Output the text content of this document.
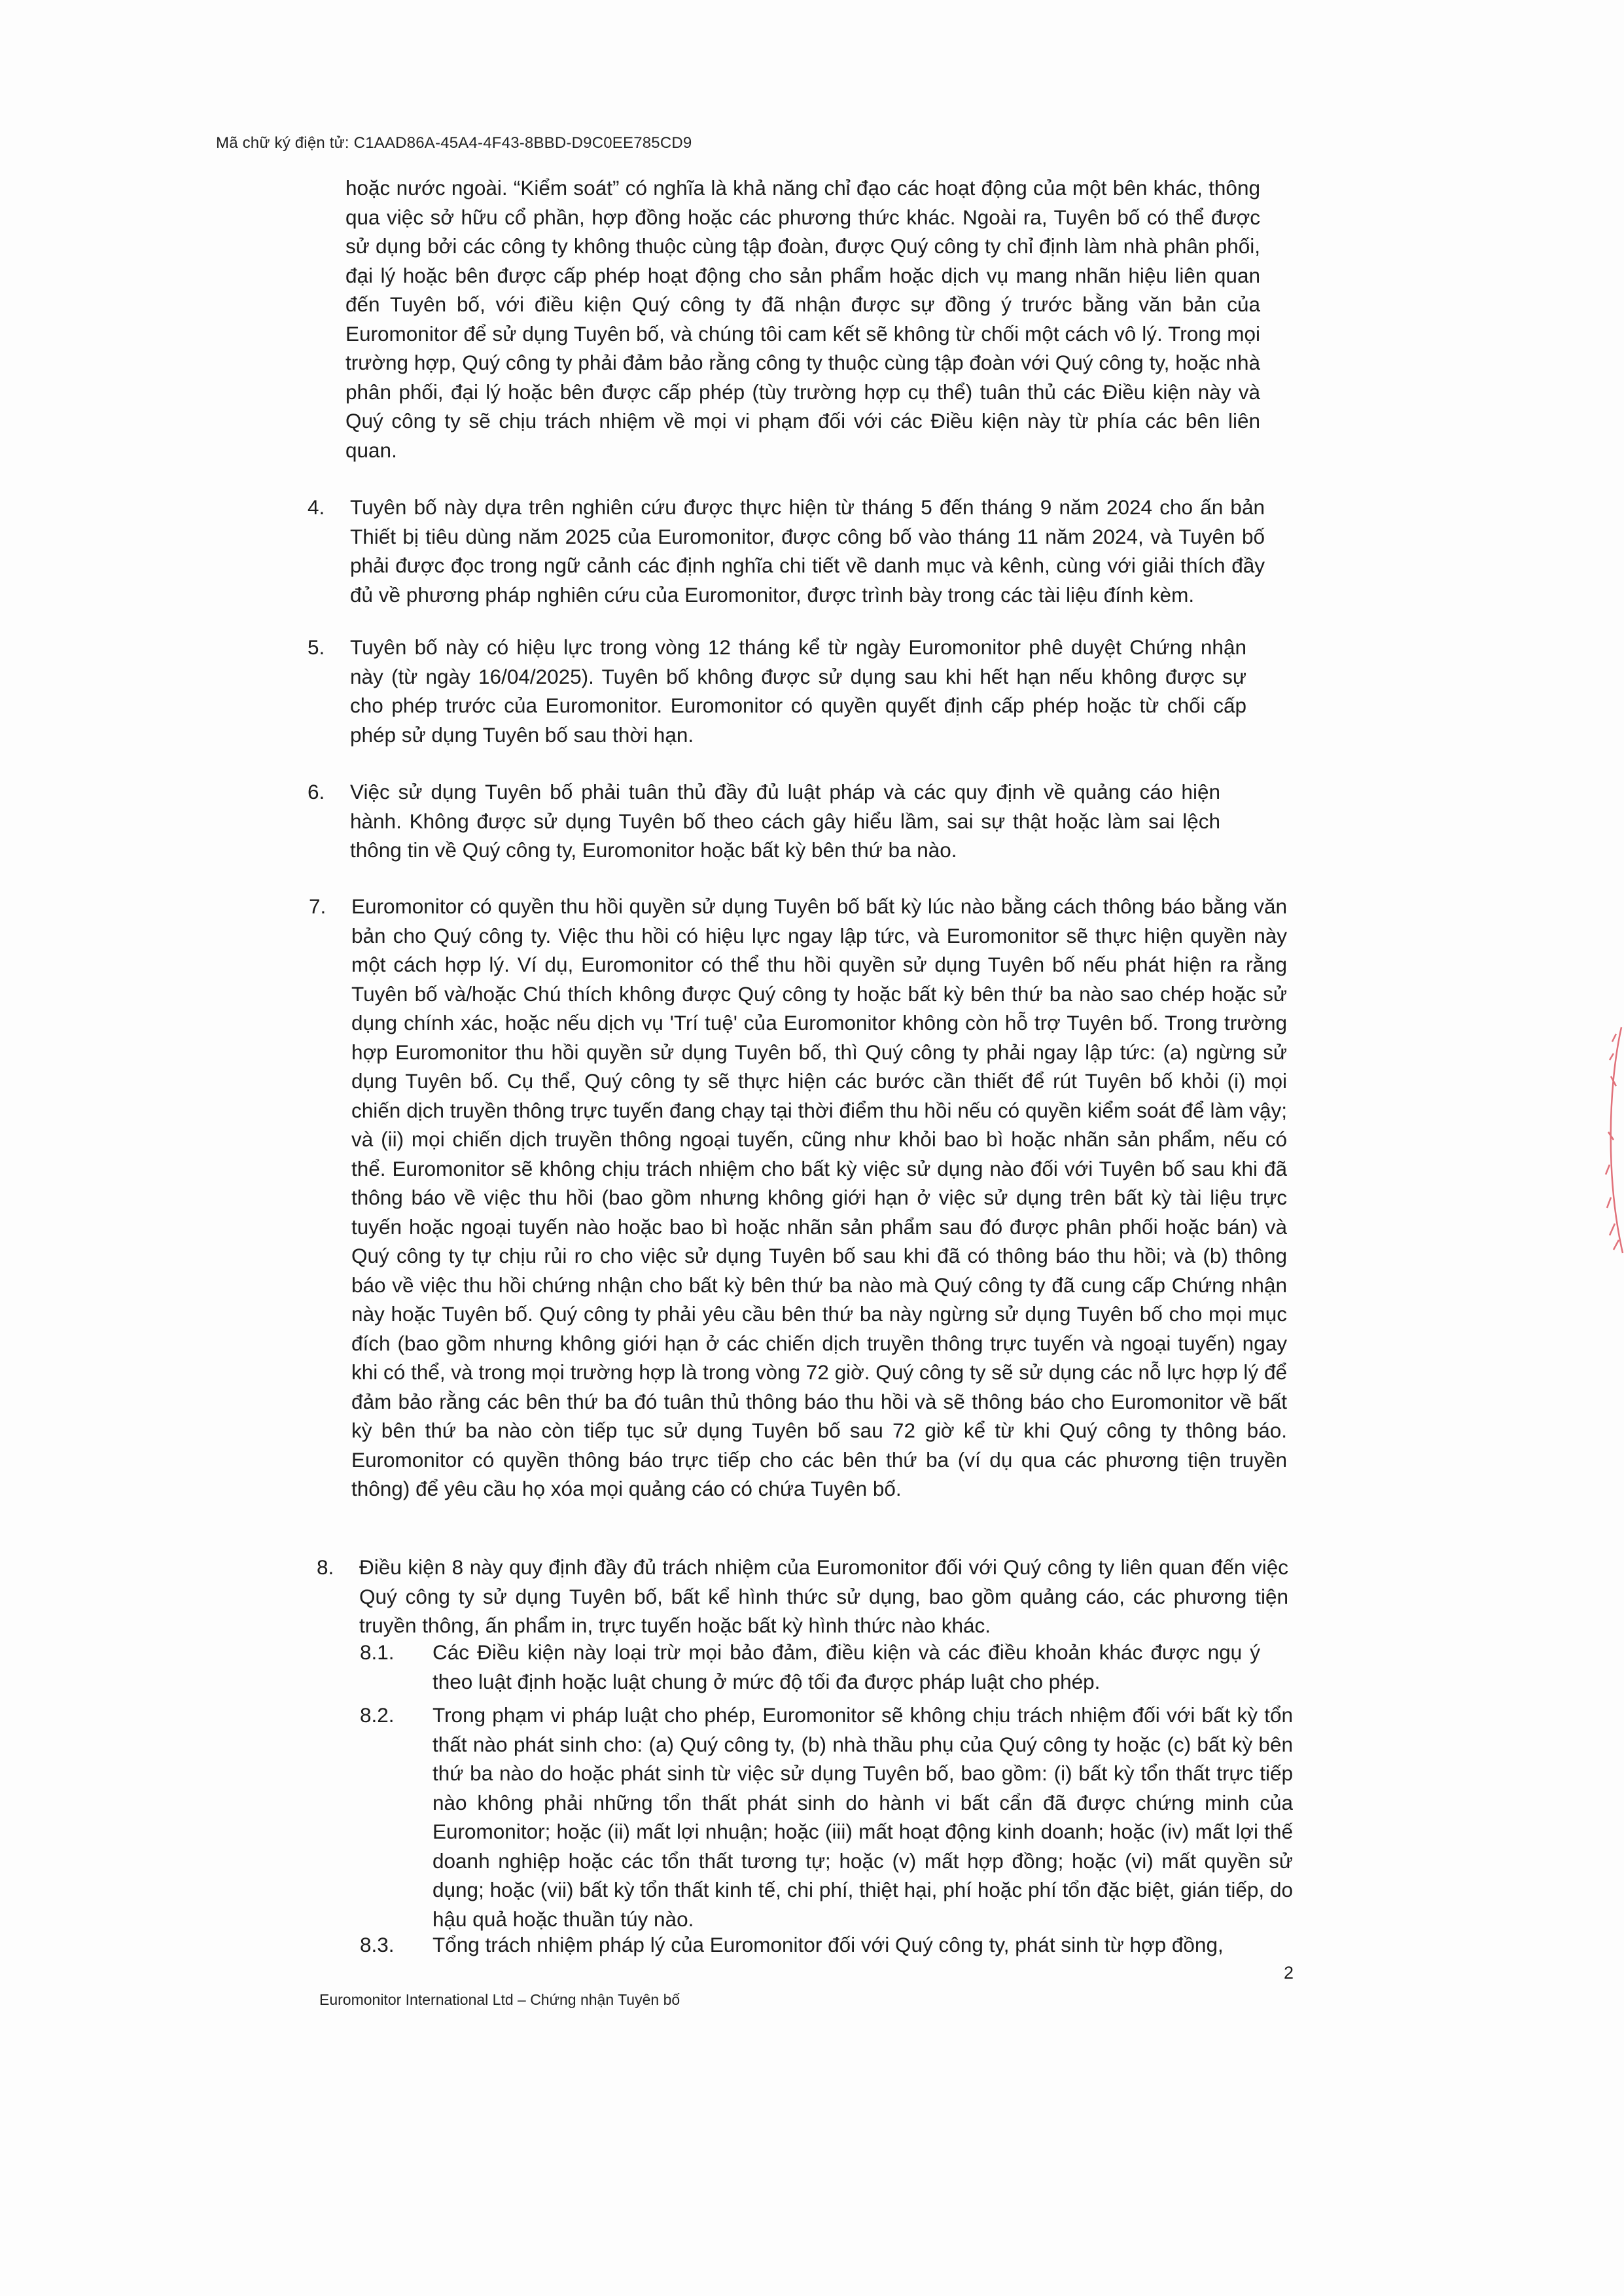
Mã chữ ký điện tử: C1AAD86A-45A4-4F43-8BBD-D9C0EE785CD9
hoặc nước ngoài. “Kiểm soát” có nghĩa là khả năng chỉ đạo các hoạt động của một bên khác, thông qua việc sở hữu cổ phần, hợp đồng hoặc các phương thức khác. Ngoài ra, Tuyên bố có thể được sử dụng bởi các công ty không thuộc cùng tập đoàn, được Quý công ty chỉ định làm nhà phân phối, đại lý hoặc bên được cấp phép hoạt động cho sản phẩm hoặc dịch vụ mang nhãn hiệu liên quan đến Tuyên bố, với điều kiện Quý công ty đã nhận được sự đồng ý trước bằng văn bản của Euromonitor để sử dụng Tuyên bố, và chúng tôi cam kết sẽ không từ chối một cách vô lý. Trong mọi trường hợp, Quý công ty phải đảm bảo rằng công ty thuộc cùng tập đoàn với Quý công ty, hoặc nhà phân phối, đại lý hoặc bên được cấp phép (tùy trường hợp cụ thể) tuân thủ các Điều kiện này và Quý công ty sẽ chịu trách nhiệm về mọi vi phạm đối với các Điều kiện này từ phía các bên liên quan.
4.	Tuyên bố này dựa trên nghiên cứu được thực hiện từ tháng 5 đến tháng 9 năm 2024 cho ấn bản Thiết bị tiêu dùng năm 2025 của Euromonitor, được công bố vào tháng 11 năm 2024, và Tuyên bố phải được đọc trong ngữ cảnh các định nghĩa chi tiết về danh mục và kênh, cùng với giải thích đầy đủ về phương pháp nghiên cứu của Euromonitor, được trình bày trong các tài liệu đính kèm.
5.	Tuyên bố này có hiệu lực trong vòng 12 tháng kể từ ngày Euromonitor phê duyệt Chứng nhận này (từ ngày 16/04/2025). Tuyên bố không được sử dụng sau khi hết hạn nếu không được sự cho phép trước của Euromonitor. Euromonitor có quyền quyết định cấp phép hoặc từ chối cấp phép sử dụng Tuyên bố sau thời hạn.
6.	Việc sử dụng Tuyên bố phải tuân thủ đầy đủ luật pháp và các quy định về quảng cáo hiện hành. Không được sử dụng Tuyên bố theo cách gây hiểu lầm, sai sự thật hoặc làm sai lệch thông tin về Quý công ty, Euromonitor hoặc bất kỳ bên thứ ba nào.
7.	Euromonitor có quyền thu hồi quyền sử dụng Tuyên bố bất kỳ lúc nào bằng cách thông báo bằng văn bản cho Quý công ty. Việc thu hồi có hiệu lực ngay lập tức, và Euromonitor sẽ thực hiện quyền này một cách hợp lý. Ví dụ, Euromonitor có thể thu hồi quyền sử dụng Tuyên bố nếu phát hiện ra rằng Tuyên bố và/hoặc Chú thích không được Quý công ty hoặc bất kỳ bên thứ ba nào sao chép hoặc sử dụng chính xác, hoặc nếu dịch vụ 'Trí tuệ' của Euromonitor không còn hỗ trợ Tuyên bố. Trong trường hợp Euromonitor thu hồi quyền sử dụng Tuyên bố, thì Quý công ty phải ngay lập tức: (a) ngừng sử dụng Tuyên bố. Cụ thể, Quý công ty sẽ thực hiện các bước cần thiết để rút Tuyên bố khỏi (i) mọi chiến dịch truyền thông trực tuyến đang chạy tại thời điểm thu hồi nếu có quyền kiểm soát để làm vậy; và (ii) mọi chiến dịch truyền thông ngoại tuyến, cũng như khỏi bao bì hoặc nhãn sản phẩm, nếu có thể. Euromonitor sẽ không chịu trách nhiệm cho bất kỳ việc sử dụng nào đối với Tuyên bố sau khi đã thông báo về việc thu hồi (bao gồm nhưng không giới hạn ở việc sử dụng trên bất kỳ tài liệu trực tuyến hoặc ngoại tuyến nào hoặc bao bì hoặc nhãn sản phẩm sau đó được phân phối hoặc bán) và Quý công ty tự chịu rủi ro cho việc sử dụng Tuyên bố sau khi đã có thông báo thu hồi; và (b) thông báo về việc thu hồi chứng nhận cho bất kỳ bên thứ ba nào mà Quý công ty đã cung cấp Chứng nhận này hoặc Tuyên bố. Quý công ty phải yêu cầu bên thứ ba này ngừng sử dụng Tuyên bố cho mọi mục đích (bao gồm nhưng không giới hạn ở các chiến dịch truyền thông trực tuyến và ngoại tuyến) ngay khi có thể, và trong mọi trường hợp là trong vòng 72 giờ. Quý công ty sẽ sử dụng các nỗ lực hợp lý để đảm bảo rằng các bên thứ ba đó tuân thủ thông báo thu hồi và sẽ thông báo cho Euromonitor về bất kỳ bên thứ ba nào còn tiếp tục sử dụng Tuyên bố sau 72 giờ kể từ khi Quý công ty thông báo. Euromonitor có quyền thông báo trực tiếp cho các bên thứ ba (ví dụ qua các phương tiện truyền thông) để yêu cầu họ xóa mọi quảng cáo có chứa Tuyên bố.
8.	Điều kiện 8 này quy định đầy đủ trách nhiệm của Euromonitor đối với Quý công ty liên quan đến việc Quý công ty sử dụng Tuyên bố, bất kể hình thức sử dụng, bao gồm quảng cáo, các phương tiện truyền thông, ấn phẩm in, trực tuyến hoặc bất kỳ hình thức nào khác.
8.1.	Các Điều kiện này loại trừ mọi bảo đảm, điều kiện và các điều khoản khác được ngụ ý theo luật định hoặc luật chung ở mức độ tối đa được pháp luật cho phép.
8.2.	Trong phạm vi pháp luật cho phép, Euromonitor sẽ không chịu trách nhiệm đối với bất kỳ tổn thất nào phát sinh cho: (a) Quý công ty, (b) nhà thầu phụ của Quý công ty hoặc (c) bất kỳ bên thứ ba nào do hoặc phát sinh từ việc sử dụng Tuyên bố, bao gồm: (i) bất kỳ tổn thất trực tiếp nào không phải những tổn thất phát sinh do hành vi bất cẩn đã được chứng minh của Euromonitor; hoặc (ii) mất lợi nhuận; hoặc (iii) mất hoạt động kinh doanh; hoặc (iv) mất lợi thế doanh nghiệp hoặc các tổn thất tương tự; hoặc (v) mất hợp đồng; hoặc (vi) mất quyền sử dụng; hoặc (vii) bất kỳ tổn thất kinh tế, chi phí, thiệt hại, phí hoặc phí tổn đặc biệt, gián tiếp, do hậu quả hoặc thuần túy nào.
8.3.	Tổng trách nhiệm pháp lý của Euromonitor đối với Quý công ty, phát sinh từ hợp đồng,
2
Euromonitor International Ltd – Chứng nhận Tuyên bố
